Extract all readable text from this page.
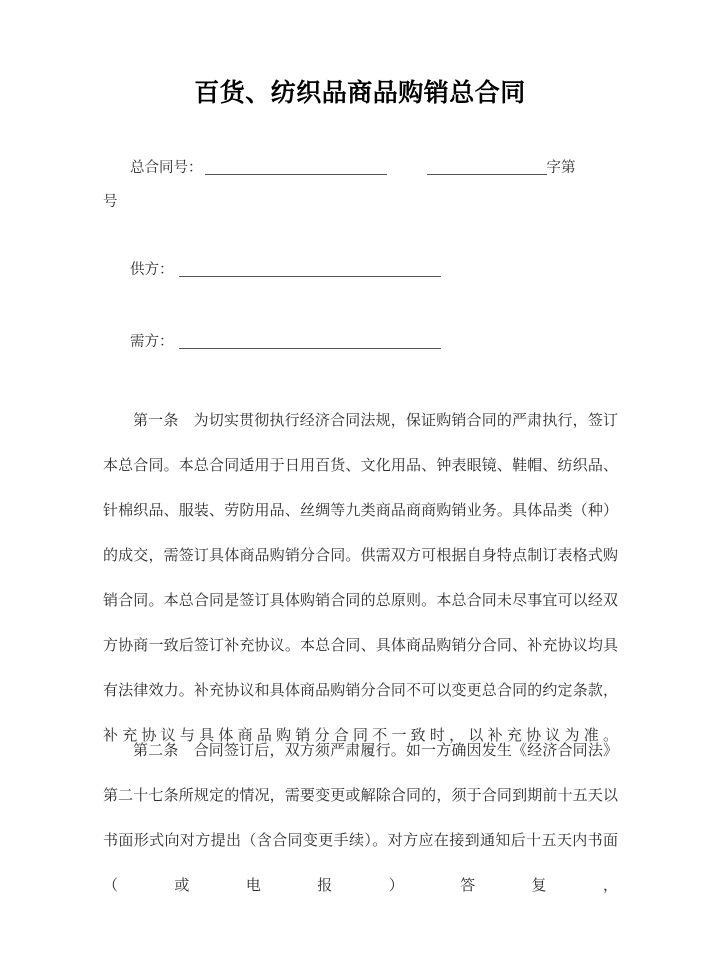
百货、纺织品商品购销总合同
总合同号：	字第
号
供方：
需方：

第一条　为切实贯彻执行经济合同法规，保证购销合同的严肃执行，签订本总合同。本总合同适用于日用百货、文化用品、钟表眼镜、鞋帽、纺织品、针棉织品、服装、劳防用品、丝绸等九类商品商商购销业务。具体品类（种）的成交，需签订具体商品购销分合同。供需双方可根据自身特点制订表格式购销合同。本总合同是签订具体购销合同的总原则。本总合同未尽事宜可以经双方协商一致后签订补充协议。本总合同、具体商品购销分合同、补充协议均具有法律效力。补充协议和具体商品购销分合同不可以变更总合同的约定条款，补充协议与具体商品购销分合同不一致时，以补充协议为准。

第二条　合同签订后，双方须严肃履行。如一方确因发生《经济合同法》第二十七条所规定的情况，需要变更或解除合同的，须于合同到期前十五天以书面形式向对方提出（含合同变更手续）。对方应在接到通知后十五天内书面（或电报）答复，
